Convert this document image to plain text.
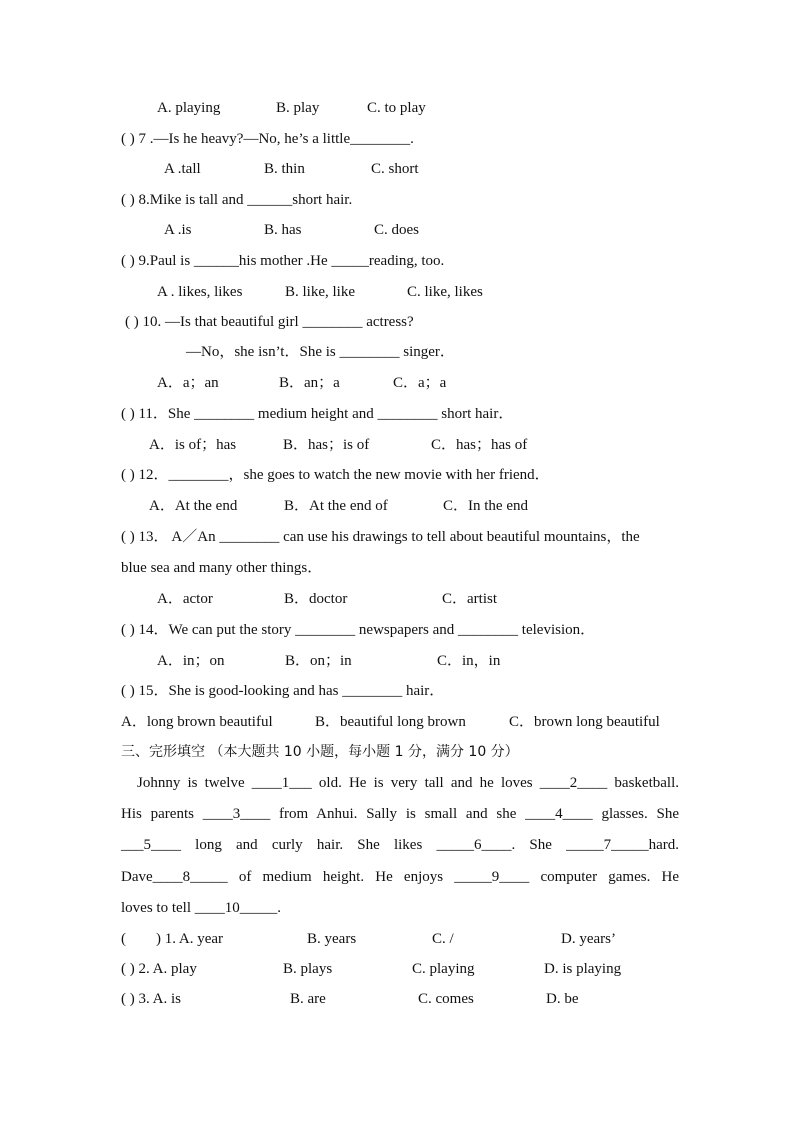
A. playing	B. play	C. to play
( ) 7 .—Is he heavy?—No, he’s a little________.
A .tall	B. thin	C. short
( ) 8.Mike is tall and ______short hair.
A .is	B. has	C. does
( ) 9.Paul is ______his mother .He _____reading, too.
A . likes, likes	B. like, like	C. like, likes
( ) 10. —Is that beautiful girl ________ actress?
—No，she isn’t．She is ________ singer．
A．a；an	B．an；a	C．a；a
( ) 11．She ________ medium height and ________ short hair．
A．is of；has	B．has；is of	C．has；has of
( ) 12．________，she goes to watch the new movie with her friend．
A．At the end	B．At the end of	C．In the end
( ) 13． A／An ________ can use his drawings to tell about beautiful mountains，the
blue sea and many other things．
A．actor	B．doctor	C．artist
( ) 14．We can put the story ________ newspapers and ________ television．
A．in；on	B．on；in	C．in，in
( ) 15．She is good-looking and has ________ hair．
A．long brown beautiful	B．beautiful long brown	C．brown long beautiful
三、完形填空 （本大题共 10 小题，每小题 1 分，满分 10 分）
Johnny is twelve ____1___ old. He is very tall and he loves ____2____ basketball.
His parents ____3____ from Anhui. Sally is small and she ____4____ glasses. She
___5____ long and curly hair. She likes _____6____. She _____7_____hard.
Dave____8_____ of medium height. He enjoys _____9____ computer games. He
loves to tell ____10_____.
(        ) 1. A. year	B. years	C. /	D. years’
( ) 2. A. play	B. plays	C. playing	D. is playing
( ) 3. A. is	B. are	C. comes	D. be
